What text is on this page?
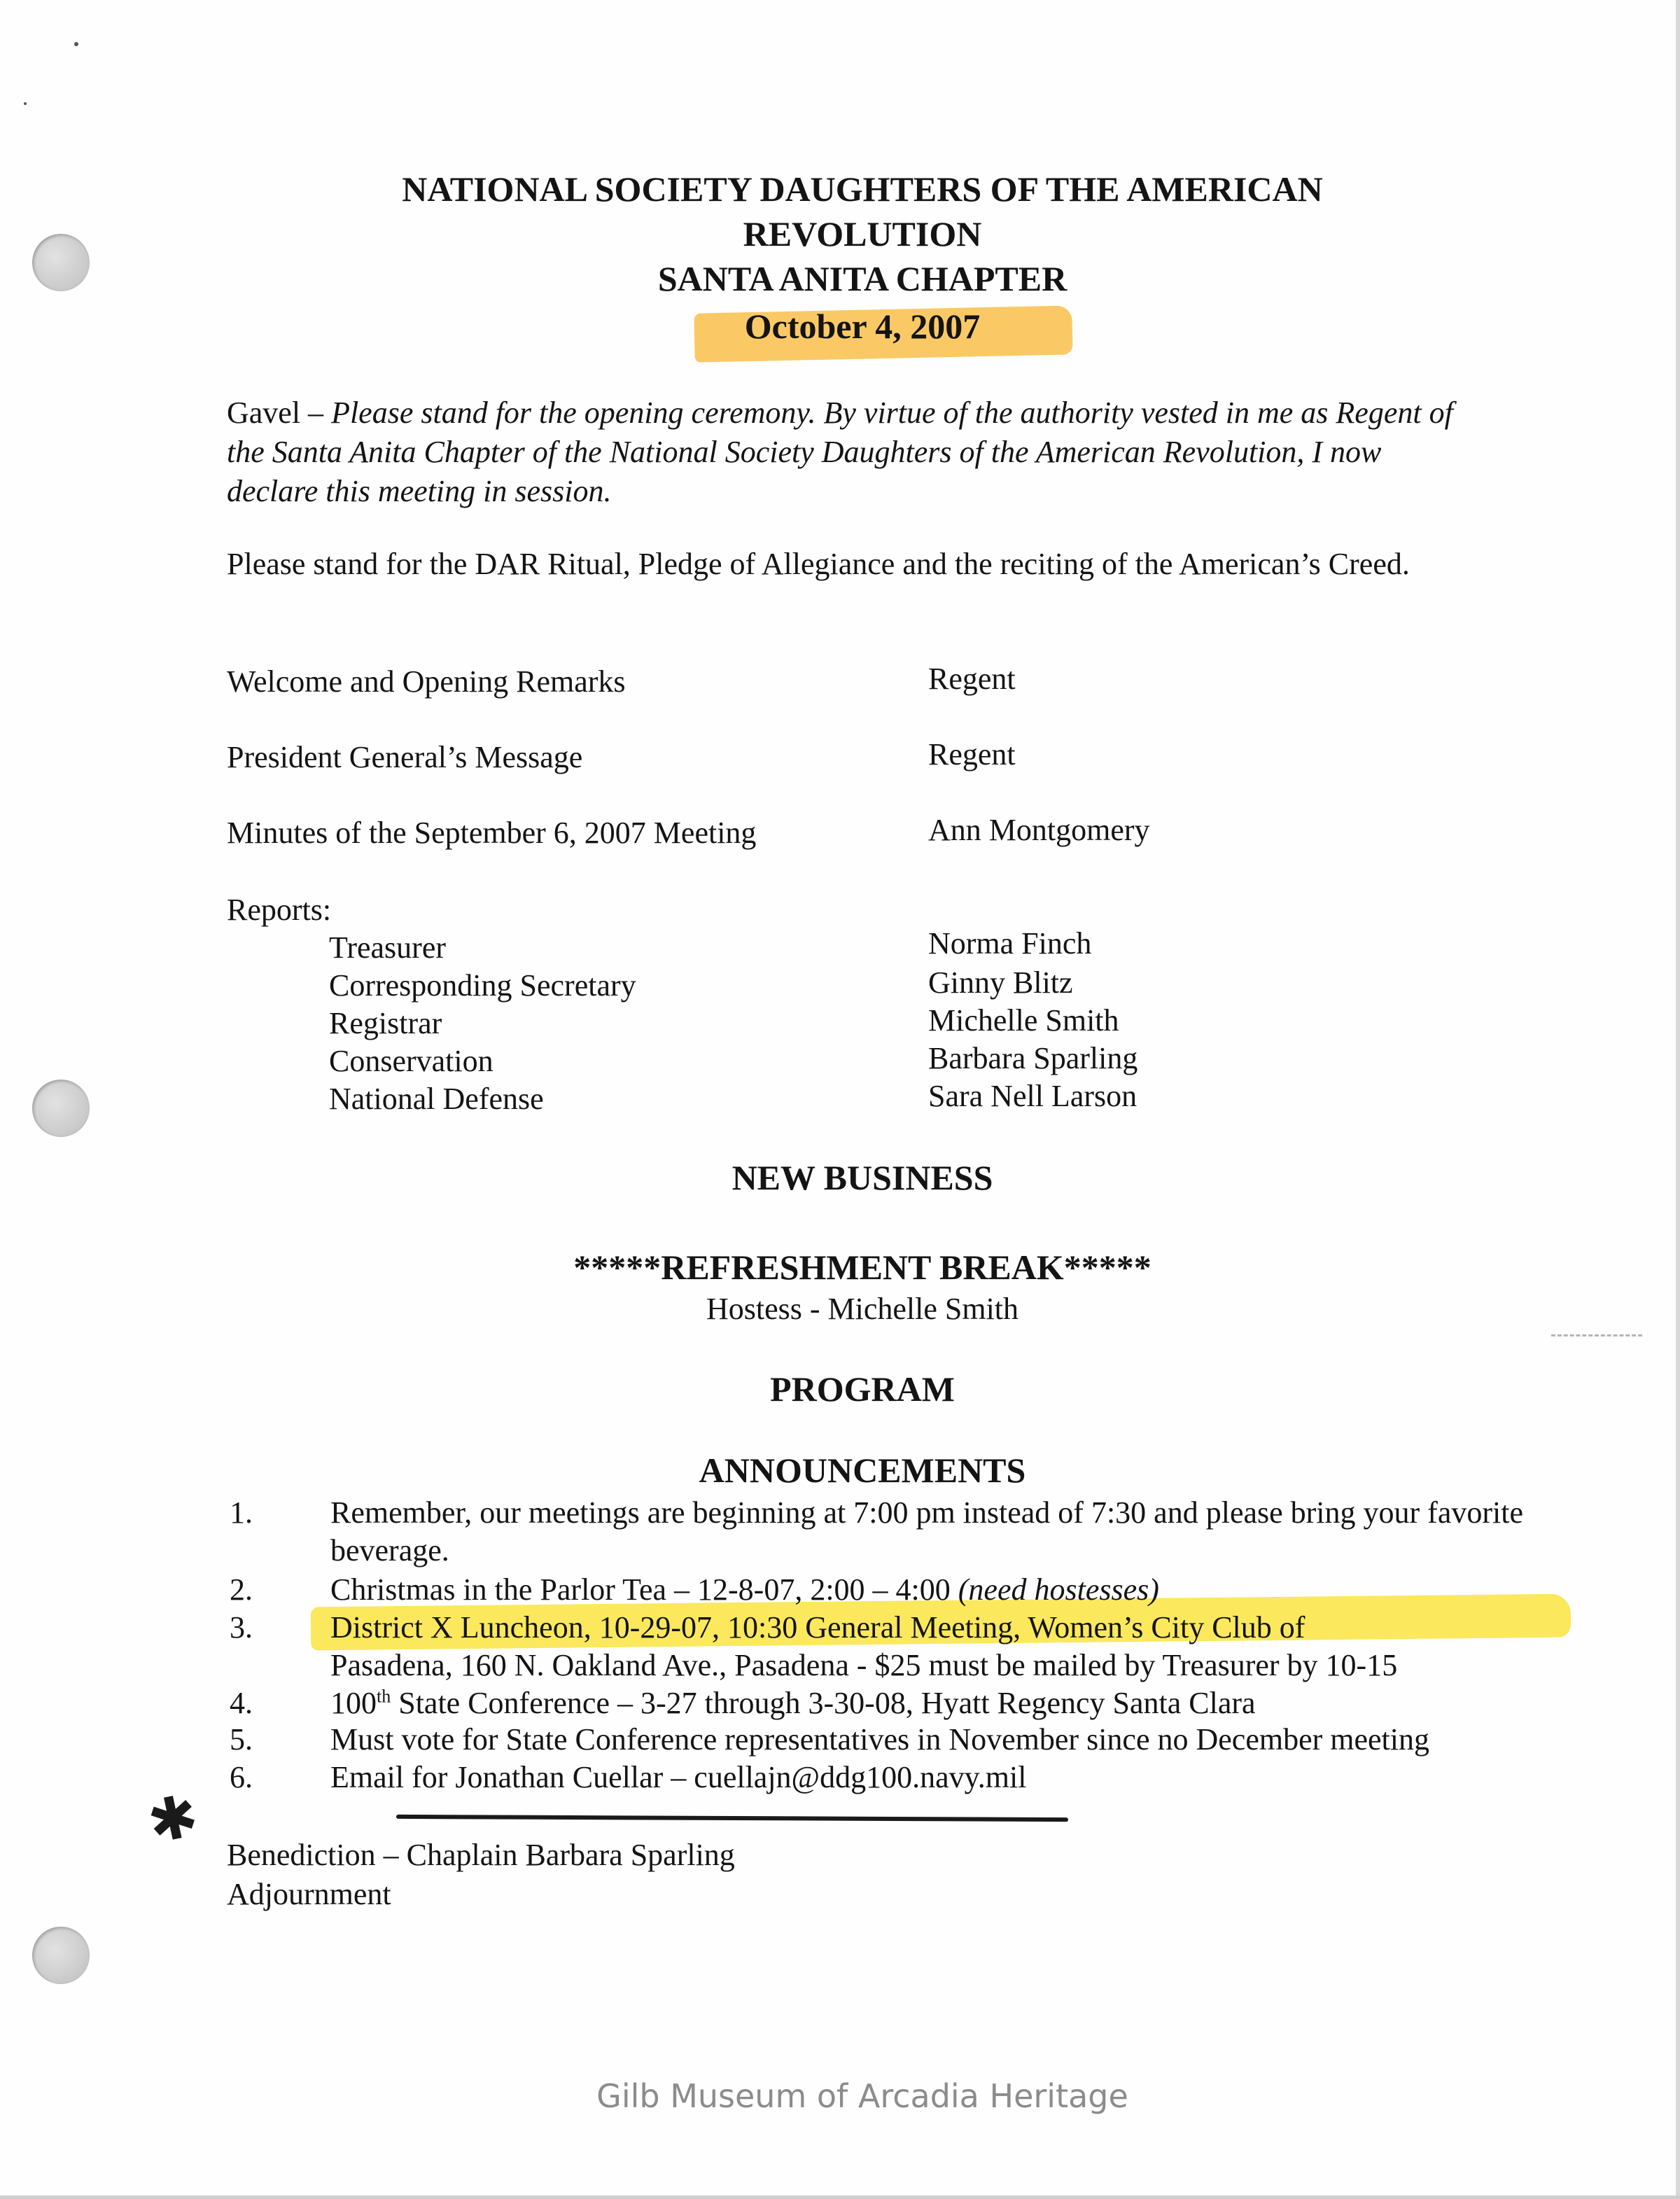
NATIONAL SOCIETY DAUGHTERS OF THE AMERICAN
REVOLUTION
SANTA ANITA CHAPTER
October 4, 2007
Gavel – Please stand for the opening ceremony. By virtue of the authority vested in me as Regent of the Santa Anita Chapter of the National Society Daughters of the American Revolution, I now declare this meeting in session.
Please stand for the DAR Ritual, Pledge of Allegiance and the reciting of the American’s Creed.
Welcome and Opening Remarks	Regent
President General’s Message	Regent
Minutes of the September 6, 2007 Meeting	Ann Montgomery
Reports:
Treasurer	Norma Finch
Corresponding Secretary	Ginny Blitz
Registrar	Michelle Smith
Conservation	Barbara Sparling
National Defense	Sara Nell Larson
NEW BUSINESS
*****REFRESHMENT BREAK*****
Hostess - Michelle Smith
PROGRAM
ANNOUNCEMENTS
1.	Remember, our meetings are beginning at 7:00 pm instead of 7:30 and please bring your favorite beverage.
2.	Christmas in the Parlor Tea – 12-8-07, 2:00 – 4:00 (need hostesses)
3.	District X Luncheon, 10-29-07, 10:30 General Meeting, Women’s City Club of
Pasadena, 160 N. Oakland Ave., Pasadena - $25 must be mailed by Treasurer by 10-15
4.	100th State Conference – 3-27 through 3-30-08, Hyatt Regency Santa Clara
5.	Must vote for State Conference representatives in November since no December meeting
6.	Email for Jonathan Cuellar – cuellajn@ddg100.navy.mil
✱ Benediction – Chaplain Barbara Sparling
Adjournment
Gilb Museum of Arcadia Heritage
